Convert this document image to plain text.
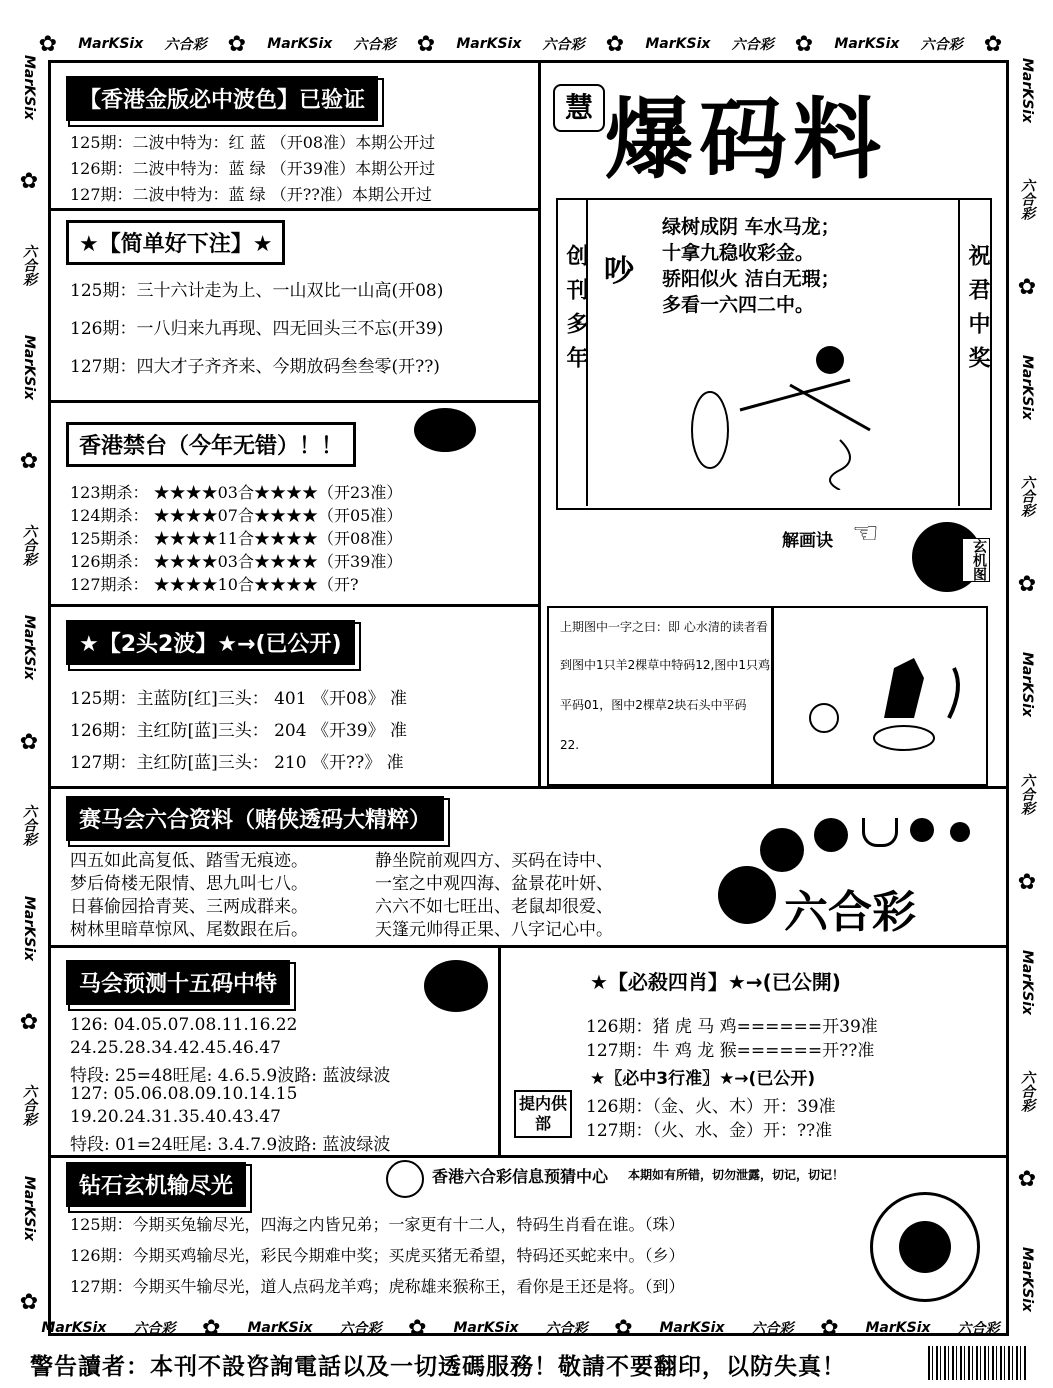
✿ MarKSix 六合彩 ✿ MarKSix 六合彩 ✿ MarKSix 六合彩 ✿ MarKSix 六合彩 ✿ MarKSix 六合彩 ✿
MarKSix 六合彩 ✿ MarKSix 六合彩 ✿ MarKSix 六合彩 ✿ MarKSix 六合彩 ✿ MarKSix 六合彩
MarKSix
✿
六合彩
MarKSix
✿
六合彩
MarKSix
✿
六合彩
MarKSix
✿
六合彩
MarKSix
✿
MarKSix
六合彩
✿
MarKSix
六合彩
✿
MarKSix
六合彩
✿
MarKSix
六合彩
✿
MarKSix
【香港金版必中波色】已验证
125期：二波中特为：红 蓝 （开08准）本期公开过
126期：二波中特为：蓝 绿 （开39准）本期公开过
127期：二波中特为：蓝 绿 （开??准）本期公开过
★【简单好下注】★
125期：三十六计走为上、一山双比一山高(开08)
126期：一八归来九再现、四无回头三不忘(开39)
127期：四大才子齐齐来、今期放码叁叁零(开??)
香港禁台（今年无错）！！
123期杀： ★★★★03合★★★★（开23准）
124期杀： ★★★★07合★★★★（开05准）
125期杀： ★★★★11合★★★★（开08准）
126期杀： ★★★★03合★★★★（开39准）
127期杀： ★★★★10合★★★★（开?
★【2头2波】★→(已公开)
125期：主蓝防[红]三头： 401 《开08》 准
126期：主红防[蓝]三头： 204 《开39》 准
127期：主红防[蓝]三头： 210 《开??》 准
慧 爆码料
创刊多年	祝君中奖
吵
绿树成阴 车水马龙；
十拿九稳收彩金。
骄阳似火 洁白无瑕；
多看一六四二中。
解画诀 ☜
玄机图
上期图中一字之曰：即 心水清的读者看
到图中1只羊2棵草中特码12,图中1只鸡
平码01，图中2棵草2块石头中平码
22.
赛马会六合资料（赌侠透码大精粹）
四五如此高复低、踏雪无痕迹。
梦后倚楼无限情、思九叫七八。
日暮偷园拾青荚、三两成群来。
树林里暗草惊风、尾数跟在后。
静坐院前观四方、买码在诗中、
一室之中观四海、盆景花叶妍、
六六不如七旺出、老鼠却很爱、
天篷元帅得正果、八字记心中。	六合彩
马会预测十五码中特
126: 04.05.07.08.11.16.22
24.25.28.34.42.45.46.47
特段: 25=48旺尾: 4.6.5.9波路: 蓝波绿波
127: 05.06.08.09.10.14.15
19.20.24.31.35.40.43.47
特段: 01=24旺尾: 3.4.7.9波路: 蓝波绿波
★【必殺四肖】★→(已公開)
126期：猪 虎 马 鸡======开39准
127期：牛 鸡 龙 猴======开??准
★〖必中3行准〗★→(已公开)
126期：（金、火、木）开：39准
127期：（火、水、金）开：??准
提内供部
钻石玄机输尽光	香港六合彩信息预猜中心 本期如有所错，切勿泄露，切记，切记！
125期：今期买兔输尽光，四海之内皆兄弟；一家更有十二人，特码生肖看在谁。（珠）
126期：今期买鸡输尽光，彩民今期难中奖；买虎买猪无希望，特码还买蛇来中。（乡）
127期：今期买牛输尽光，道人点码龙羊鸡；虎称雄来猴称王，看你是王还是将。（到）
警告讀者：本刊不設咨詢電話以及一切透碼服務！敬請不要翻印，以防失真！
